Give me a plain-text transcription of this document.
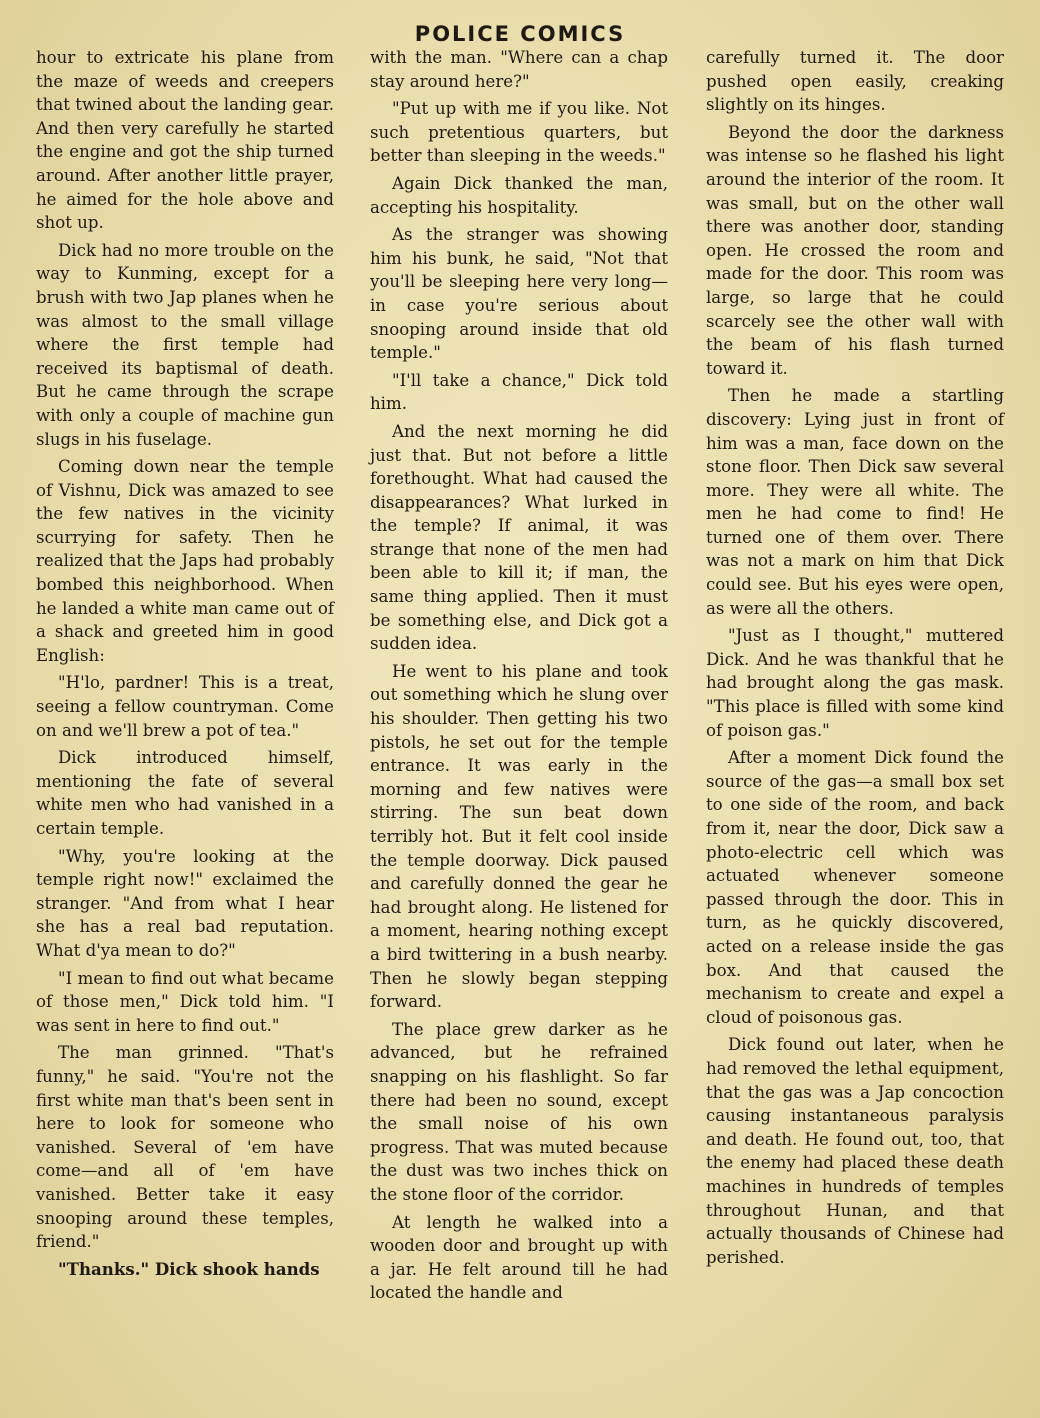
POLICE COMICS

hour to extricate his plane from the maze of weeds and creepers that twined about the landing gear. And then very carefully he started the engine and got the ship turned around. After another little prayer, he aimed for the hole above and shot up.

Dick had no more trouble on the way to Kunming, except for a brush with two Jap planes when he was almost to the small village where the first temple had received its baptismal of death. But he came through the scrape with only a couple of machine gun slugs in his fuselage.

Coming down near the temple of Vishnu, Dick was amazed to see the few natives in the vicinity scurrying for safety. Then he realized that the Japs had probably bombed this neighborhood. When he landed a white man came out of a shack and greeted him in good English:

"H'lo, pardner! This is a treat, seeing a fellow countryman. Come on and we'll brew a pot of tea."

Dick introduced himself, mentioning the fate of several white men who had vanished in a certain temple.

"Why, you're looking at the temple right now!" exclaimed the stranger. "And from what I hear she has a real bad reputation. What d'ya mean to do?"

"I mean to find out what became of those men," Dick told him. "I was sent in here to find out."

The man grinned. "That's funny," he said. "You're not the first white man that's been sent in here to look for someone who vanished. Several of 'em have come—and all of 'em have vanished. Better take it easy snooping around these temples, friend."

"Thanks." Dick shook hands

with the man. "Where can a chap stay around here?"

"Put up with me if you like. Not such pretentious quarters, but better than sleeping in the weeds."

Again Dick thanked the man, accepting his hospitality.

As the stranger was showing him his bunk, he said, "Not that you'll be sleeping here very long—in case you're serious about snooping around inside that old temple."

"I'll take a chance," Dick told him.

And the next morning he did just that. But not before a little forethought. What had caused the disappearances? What lurked in the temple? If animal, it was strange that none of the men had been able to kill it; if man, the same thing applied. Then it must be something else, and Dick got a sudden idea.

He went to his plane and took out something which he slung over his shoulder. Then getting his two pistols, he set out for the temple entrance. It was early in the morning and few natives were stirring. The sun beat down terribly hot. But it felt cool inside the temple doorway. Dick paused and carefully donned the gear he had brought along. He listened for a moment, hearing nothing except a bird twittering in a bush nearby. Then he slowly began stepping forward.

The place grew darker as he advanced, but he refrained snapping on his flashlight. So far there had been no sound, except the small noise of his own progress. That was muted because the dust was two inches thick on the stone floor of the corridor.

At length he walked into a wooden door and brought up with a jar. He felt around till he had located the handle and

carefully turned it. The door pushed open easily, creaking slightly on its hinges.

Beyond the door the darkness was intense so he flashed his light around the interior of the room. It was small, but on the other wall there was another door, standing open. He crossed the room and made for the door. This room was large, so large that he could scarcely see the other wall with the beam of his flash turned toward it.

Then he made a startling discovery: Lying just in front of him was a man, face down on the stone floor. Then Dick saw several more. They were all white. The men he had come to find! He turned one of them over. There was not a mark on him that Dick could see. But his eyes were open, as were all the others.

"Just as I thought," muttered Dick. And he was thankful that he had brought along the gas mask. "This place is filled with some kind of poison gas."

After a moment Dick found the source of the gas—a small box set to one side of the room, and back from it, near the door, Dick saw a photo-electric cell which was actuated whenever someone passed through the door. This in turn, as he quickly discovered, acted on a release inside the gas box. And that caused the mechanism to create and expel a cloud of poisonous gas.

Dick found out later, when he had removed the lethal equipment, that the gas was a Jap concoction causing instantaneous paralysis and death. He found out, too, that the enemy had placed these death machines in hundreds of temples throughout Hunan, and that actually thousands of Chinese had perished.
